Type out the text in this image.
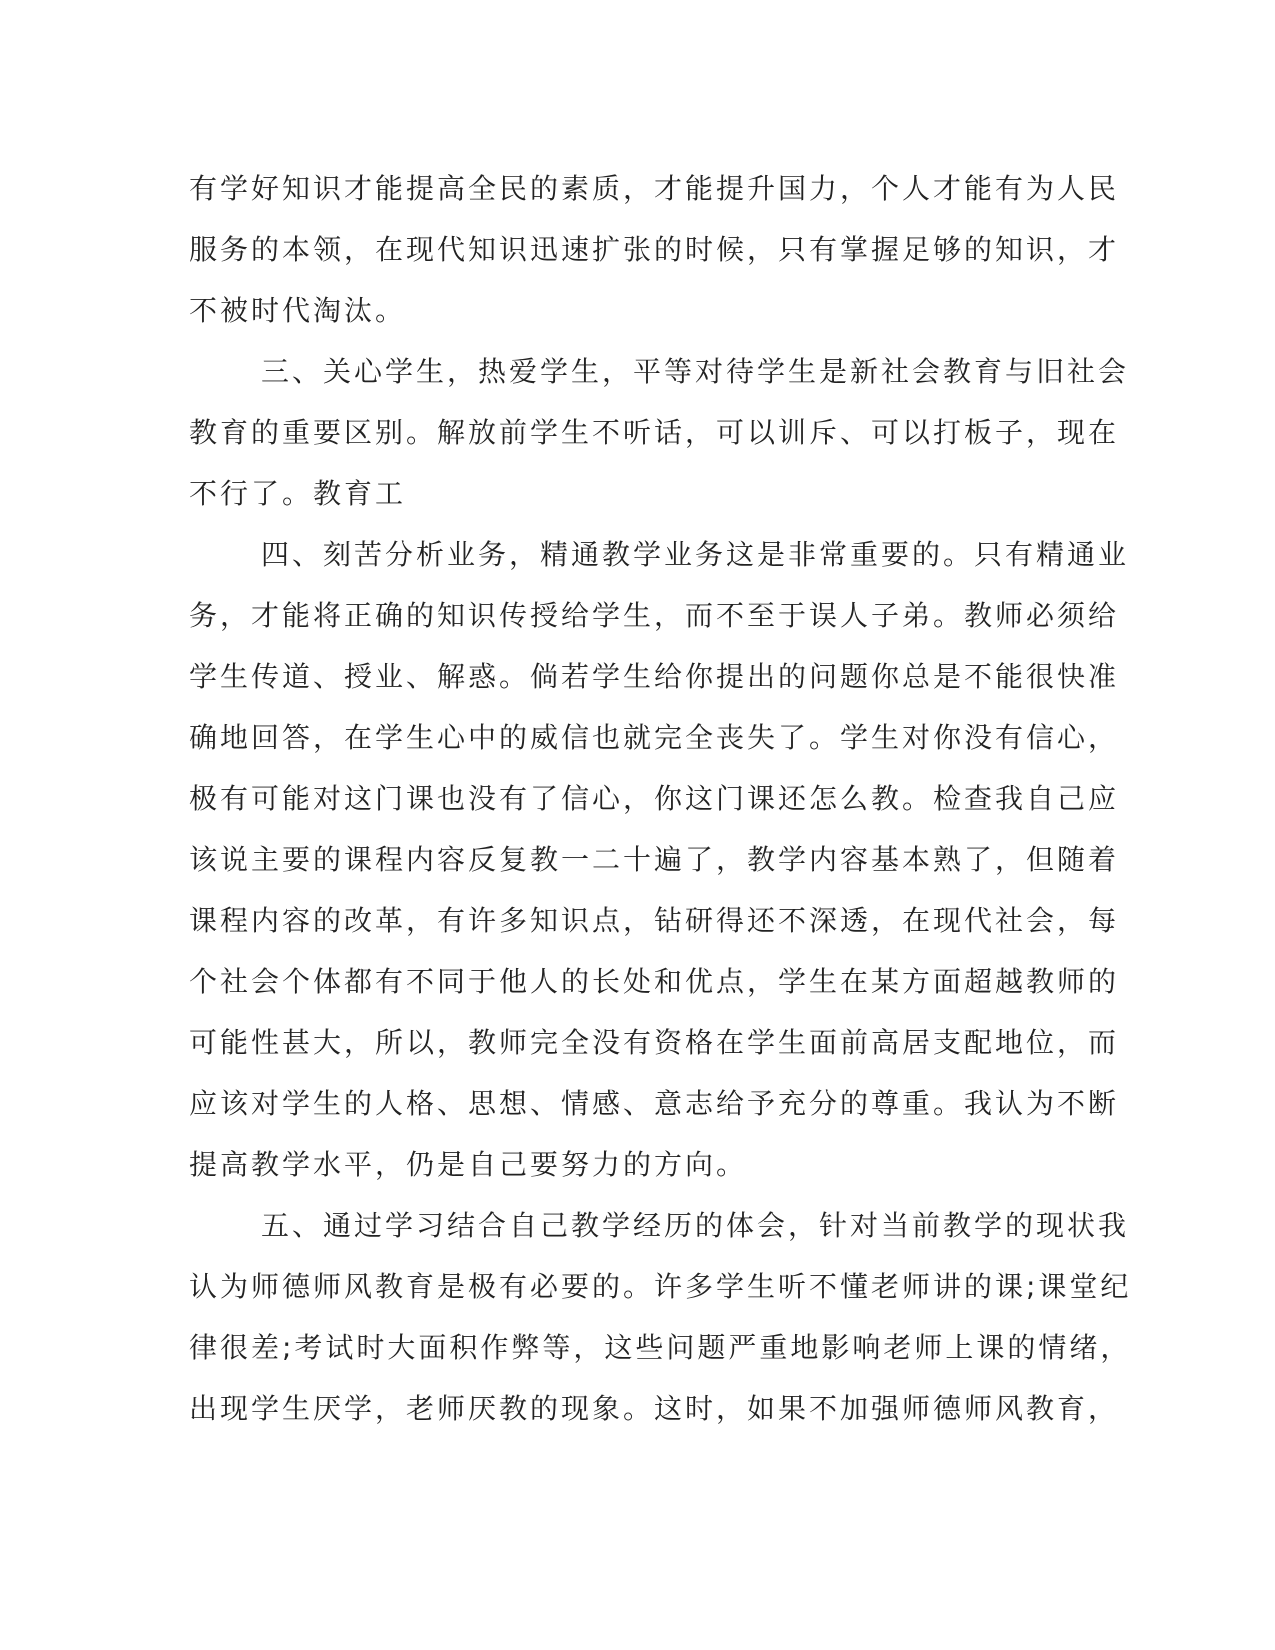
有学好知识才能提高全民的素质，才能提升国力，个人才能有为人民
服务的本领，在现代知识迅速扩张的时候，只有掌握足够的知识，才
不被时代淘汰。
三、关心学生，热爱学生，平等对待学生是新社会教育与旧社会
教育的重要区别。解放前学生不听话，可以训斥、可以打板子，现在
不行了。教育工
四、刻苦分析业务，精通教学业务这是非常重要的。只有精通业
务，才能将正确的知识传授给学生，而不至于误人子弟。教师必须给
学生传道、授业、解惑。倘若学生给你提出的问题你总是不能很快准
确地回答，在学生心中的威信也就完全丧失了。学生对你没有信心，
极有可能对这门课也没有了信心，你这门课还怎么教。检查我自己应
该说主要的课程内容反复教一二十遍了，教学内容基本熟了，但随着
课程内容的改革，有许多知识点，钻研得还不深透，在现代社会，每
个社会个体都有不同于他人的长处和优点，学生在某方面超越教师的
可能性甚大，所以，教师完全没有资格在学生面前高居支配地位，而
应该对学生的人格、思想、情感、意志给予充分的尊重。我认为不断
提高教学水平，仍是自己要努力的方向。
五、通过学习结合自己教学经历的体会，针对当前教学的现状我
认为师德师风教育是极有必要的。许多学生听不懂老师讲的课;课堂纪
律很差;考试时大面积作弊等，这些问题严重地影响老师上课的情绪，
出现学生厌学，老师厌教的现象。这时，如果不加强师德师风教育，
